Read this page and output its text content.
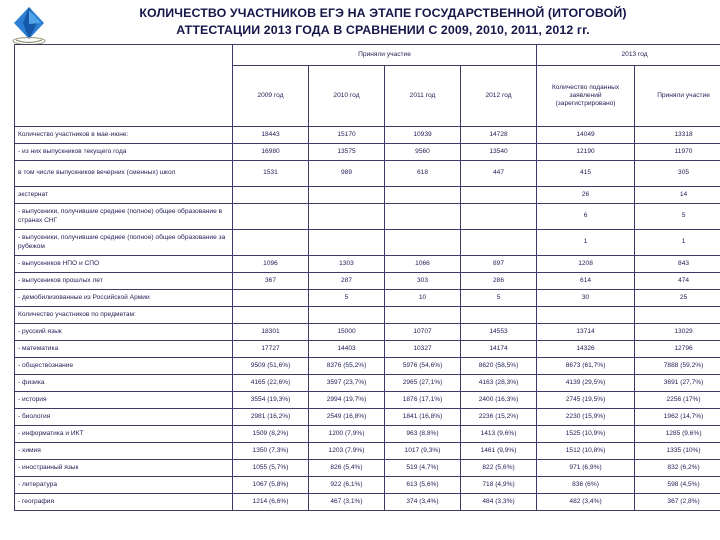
КОЛИЧЕСТВО УЧАСТНИКОВ ЕГЭ НА ЭТАПЕ ГОСУДАРСТВЕННОЙ (ИТОГОВОЙ)
АТТЕСТАЦИИ 2013 ГОДА В СРАВНЕНИИ С 2009, 2010, 2011, 2012 гг.
	Приняли участие				2013 год	
	2009 год	2010 год	2011 год	2012 год	Количество поданных заявлений (зарегистрировано)	Приняли участие
Количество участников в мае-июне:	18443	15170	10939	14728	14049	13318
- из них выпускников текущего года	16980	13575	9560	13540	12190	11970
в том числе выпускников вечерних (сменных) школ	1531	989	618	447	415	305
экстернат					26	14
- выпускники, получившие среднее (полное) общее образование в странах СНГ					6	5
- выпускники, получившие среднее (полное) общее образование за рубежом					1	1
- выпускников НПО и СПО	1096	1303	1066	897	1208	843
- выпускников прошлых лет	367	287	303	286	614	474
- демобилизованные из Российской Армии		5	10	5	30	25
Количество участников по предметам:						
- русский язык	18301	15000	10707	14553	13714	13029
- математика	17727	14403	10327	14174	14326	12796
- обществознание	9509 (51,6%)	8376 (55,2%)	5976 (54,6%)	8620 (58,5%)	8673 (61,7%)	7888 (59,2%)
- физика	4165 (22,6%)	3597 (23,7%)	2965 (27,1%)	4163 (28,3%)	4139 (29,5%)	3691 (27,7%)
- история	3554 (19,3%)	2994 (19,7%)	1876 (17,1%)	2400 (16,3%)	2745 (19,5%)	2256 (17%)
- биология	2981 (16,2%)	2549 (16,8%)	1841 (16,8%)	2236 (15,2%)	2230 (15,9%)	1962 (14,7%)
- информатика и ИКТ	1509 (8,2%)	1200 (7,9%)	963 (8,8%)	1413 (9,6%)	1525 (10,9%)	1285 (9,6%)
- химия	1350 (7,3%)	1203 (7,9%)	1017 (9,3%)	1461 (9,9%)	1512 (10,8%)	1335 (10%)
- иностранный язык	1055 (5,7%)	826 (5,4%)	519 (4,7%)	822 (5,6%)	971 (6,9%)	832 (6,2%)
- литература	1067 (5,8%)	922 (6,1%)	613 (5,6%)	718 (4,9%)	836 (6%)	598 (4,5%)
- география	1214 (6,6%)	467 (3,1%)	374 (3,4%)	484 (3,3%)	482 (3,4%)	367 (2,8%)
